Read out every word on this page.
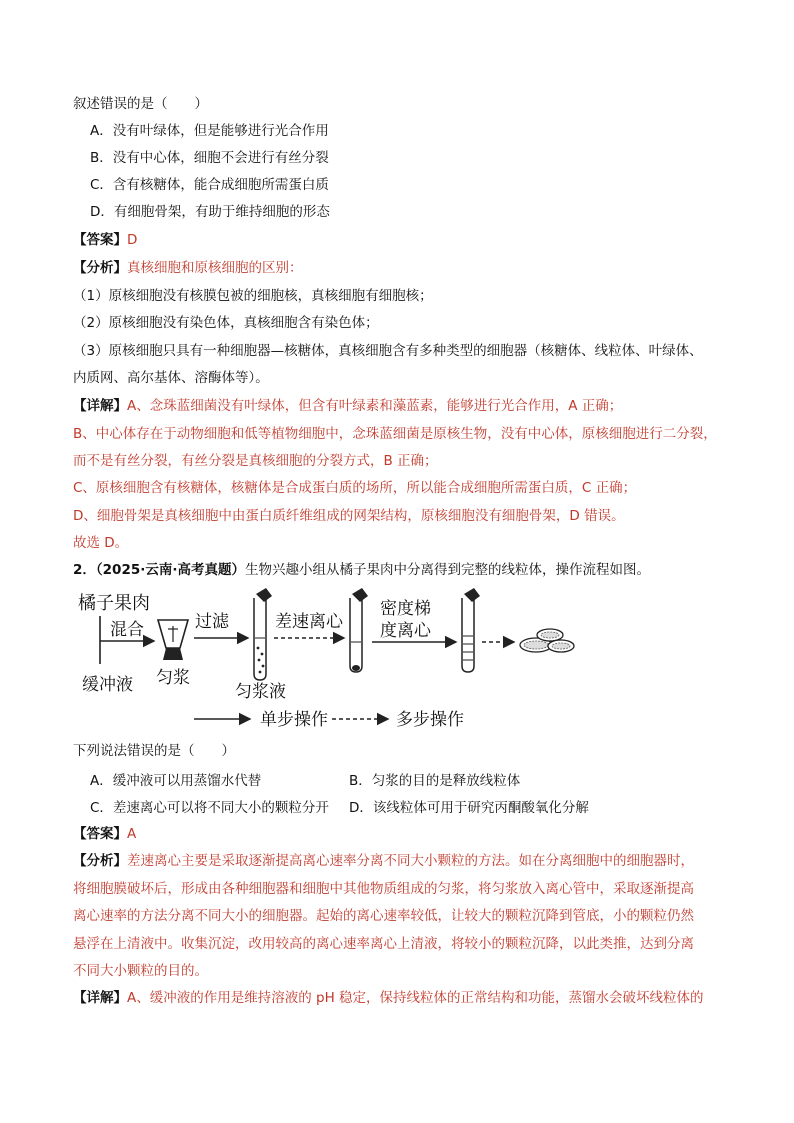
叙述错误的是（　　）
A．没有叶绿体，但是能够进行光合作用
B．没有中心体，细胞不会进行有丝分裂
C．含有核糖体，能合成细胞所需蛋白质
D．有细胞骨架，有助于维持细胞的形态
【答案】D
【分析】真核细胞和原核细胞的区别：
（1）原核细胞没有核膜包被的细胞核，真核细胞有细胞核；
（2）原核细胞没有染色体，真核细胞含有染色体；
（3）原核细胞只具有一种细胞器—核糖体，真核细胞含有多种类型的细胞器（核糖体、线粒体、叶绿体、
内质网、高尔基体、溶酶体等）。
【详解】A、念珠蓝细菌没有叶绿体，但含有叶绿素和藻蓝素，能够进行光合作用，A 正确；
B、中心体存在于动物细胞和低等植物细胞中，念珠蓝细菌是原核生物，没有中心体，原核细胞进行二分裂，
而不是有丝分裂，有丝分裂是真核细胞的分裂方式，B 正确；
C、原核细胞含有核糖体，核糖体是合成蛋白质的场所，所以能合成细胞所需蛋白质，C 正确；
D、细胞骨架是真核细胞中由蛋白质纤维组成的网架结构，原核细胞没有细胞骨架，D 错误。
故选 D。
2．（2025·云南·高考真题）生物兴趣小组从橘子果肉中分离得到完整的线粒体，操作流程如图。
橘子果肉
混合
缓冲液 匀浆
过滤
匀浆液
差速离心
密度梯
度离心
单步操作	多步操作
下列说法错误的是（　　）
A．缓冲液可以用蒸馏水代替	B．匀浆的目的是释放线粒体
C．差速离心可以将不同大小的颗粒分开 D．该线粒体可用于研究丙酮酸氧化分解
【答案】A
【分析】差速离心主要是采取逐渐提高离心速率分离不同大小颗粒的方法。如在分离细胞中的细胞器时，
将细胞膜破坏后，形成由各种细胞器和细胞中其他物质组成的匀浆，将匀浆放入离心管中，采取逐渐提高
离心速率的方法分离不同大小的细胞器。起始的离心速率较低，让较大的颗粒沉降到管底，小的颗粒仍然
悬浮在上清液中。收集沉淀，改用较高的离心速率离心上清液，将较小的颗粒沉降，以此类推，达到分离
不同大小颗粒的目的。
【详解】A、缓冲液的作用是维持溶液的 pH 稳定，保持线粒体的正常结构和功能，蒸馏水会破坏线粒体的
